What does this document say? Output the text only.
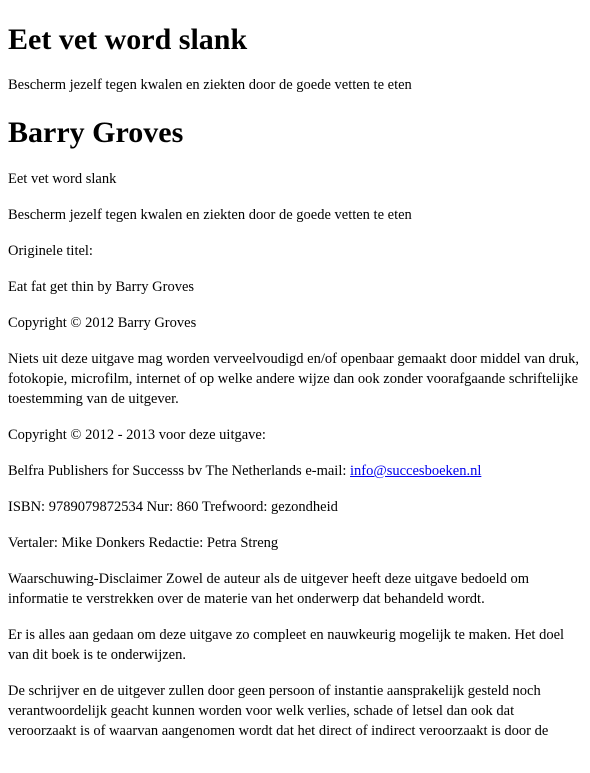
Eet vet word slank

Bescherm jezelf tegen kwalen en ziekten door de goede vetten te eten

Barry Groves

Eet vet word slank

Bescherm jezelf tegen kwalen en ziekten door de goede vetten te eten

Originele titel:

Eat fat get thin by Barry Groves

Copyright © 2012 Barry Groves

Niets uit deze uitgave mag worden verveelvoudigd en/of openbaar gemaakt door middel van druk, fotokopie, microfilm, internet of op welke andere wijze dan ook zonder voorafgaande schriftelijke toestemming van de uitgever.

Copyright © 2012 - 2013 voor deze uitgave:

Belfra Publishers for Successs bv The Netherlands e-mail: info@succesboeken.nl

ISBN: 9789079872534 Nur: 860 Trefwoord: gezondheid

Vertaler: Mike Donkers Redactie: Petra Streng

Waarschuwing-Disclaimer Zowel de auteur als de uitgever heeft deze uitgave bedoeld om informatie te verstrekken over de materie van het onderwerp dat behandeld wordt.

Er is alles aan gedaan om deze uitgave zo compleet en nauwkeurig mogelijk te maken. Het doel van dit boek is te onderwijzen.

De schrijver en de uitgever zullen door geen persoon of instantie aansprakelijk gesteld noch verantwoordelijk geacht kunnen worden voor welk verlies, schade of letsel dan ook dat veroorzaakt is of waarvan aangenomen wordt dat het direct of indirect veroorzaakt is door de
